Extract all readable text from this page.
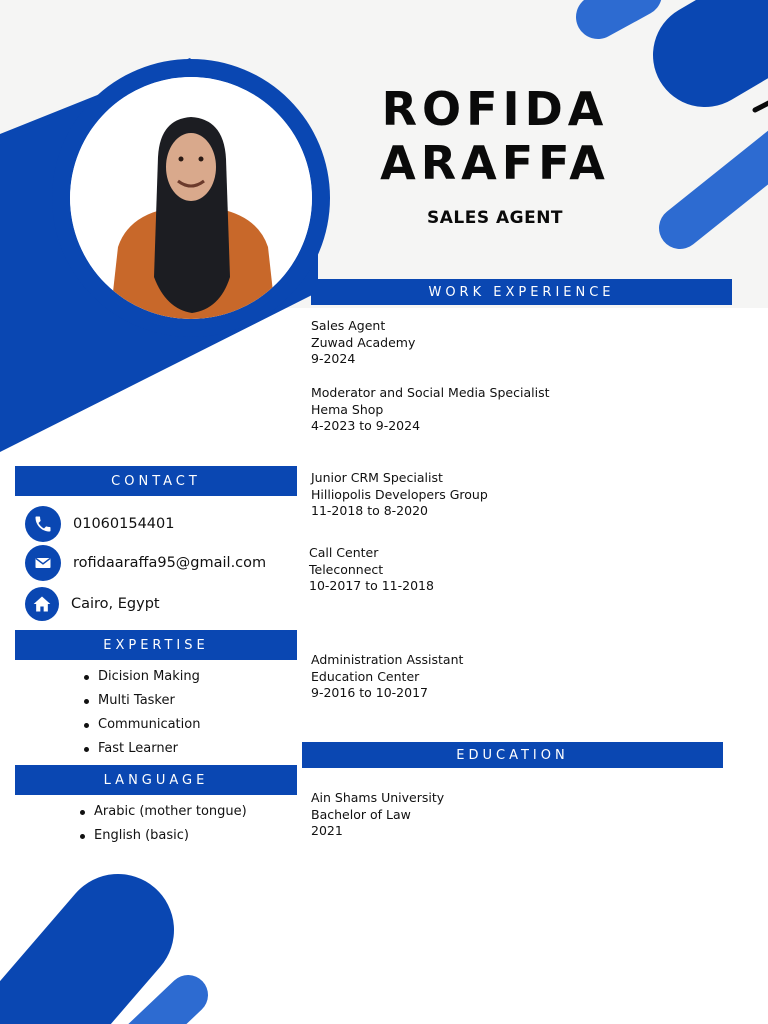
ROFIDA
ARAFFA
SALES AGENT
WORK EXPERIENCE
Sales Agent
Zuwad Academy
9-2024
Moderator and Social Media Specialist
Hema Shop
4-2023 to 9-2024
Junior CRM Specialist
Hilliopolis Developers Group
11-2018 to 8-2020
Call Center
Teleconnect
10-2017 to 11-2018
Administration Assistant
Education Center
9-2016 to 10-2017
EDUCATION
Ain Shams University
Bachelor of Law
2021
CONTACT
01060154401
rofidaaraffa95@gmail.com
Cairo, Egypt
EXPERTISE
Dicision Making
Multi Tasker
Communication
Fast Learner
LANGUAGE
Arabic (mother tongue)
English (basic)
